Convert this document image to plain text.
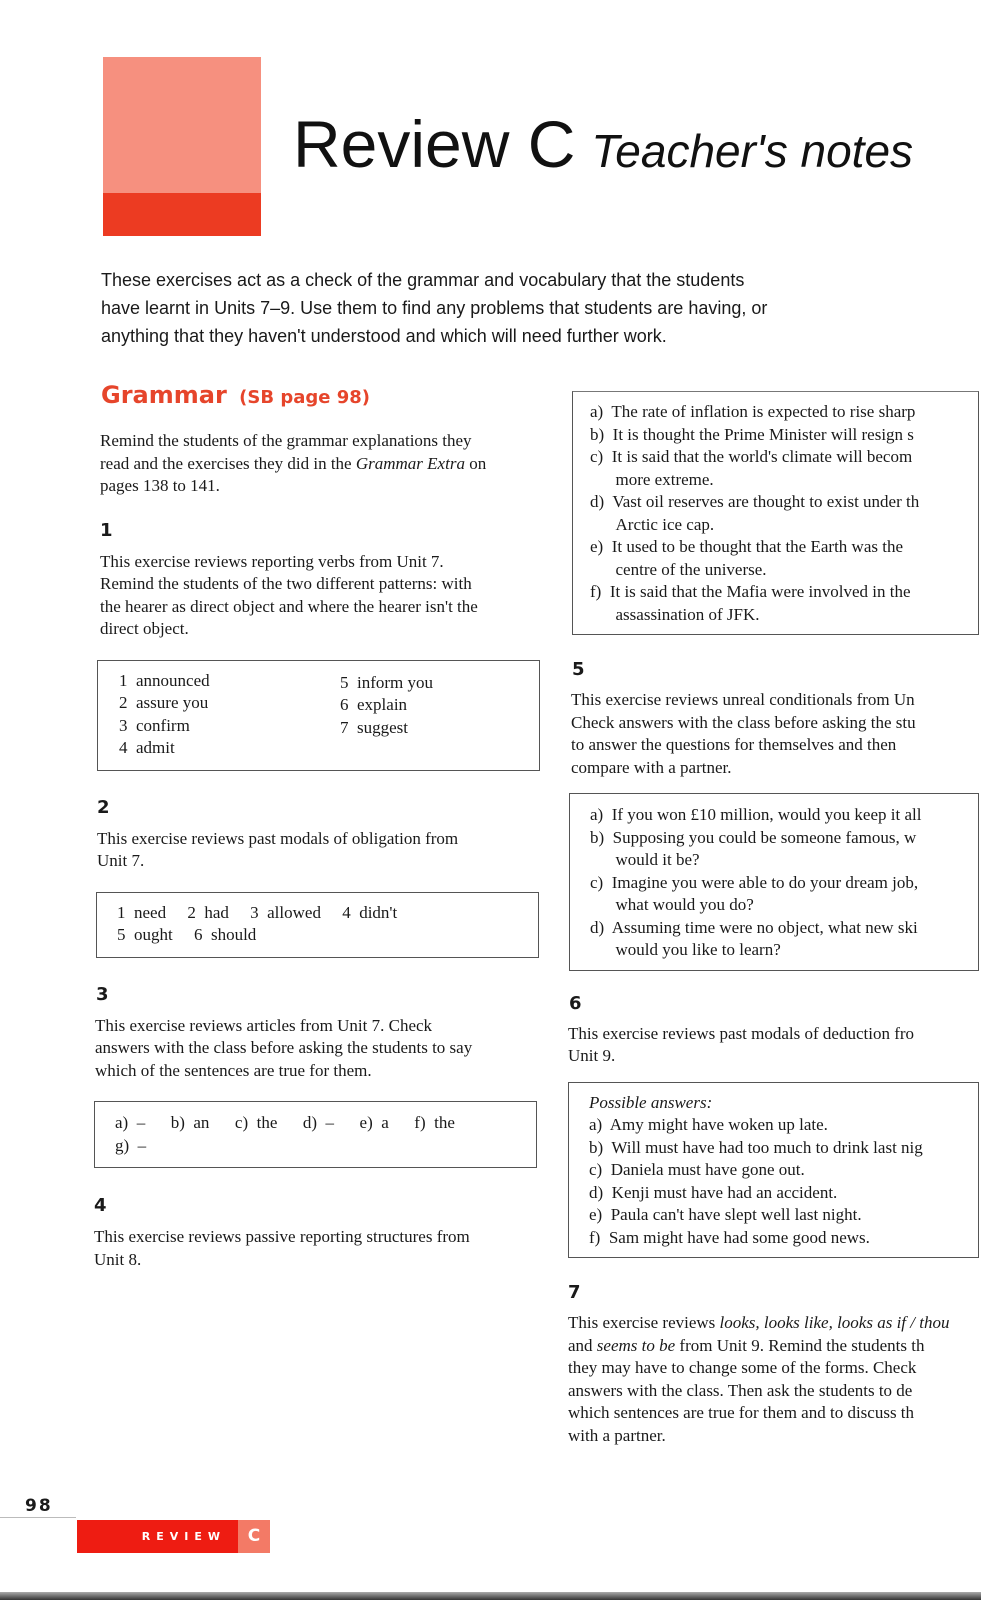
Review C Teacher's notes
These exercises act as a check of the grammar and vocabulary that the students
have learnt in Units 7–9. Use them to find any problems that students are having, or
anything that they haven't understood and which will need further work.
Grammar (SB page 98)
Remind the students of the grammar explanations they
read and the exercises they did in the Grammar Extra on
pages 138 to 141.
1
This exercise reviews reporting verbs from Unit 7.
Remind the students of the two different patterns: with
the hearer as direct object and where the hearer isn't the
direct object.
1  announced
2  assure you
3  confirm
4  admit
5  inform you
6  explain
7  suggest
2
This exercise reviews past modals of obligation from
Unit 7.
1  need     2  had     3  allowed     4  didn't
5  ought     6  should
3
This exercise reviews articles from Unit 7. Check
answers with the class before asking the students to say
which of the sentences are true for them.
a)  –      b)  an      c)  the      d)  –      e)  a      f)  the
g)  –
4
This exercise reviews passive reporting structures from
Unit 8.
a)  The rate of inflation is expected to rise sharp
b)  It is thought the Prime Minister will resign s
c)  It is said that the world's climate will becom
more extreme.
d)  Vast oil reserves are thought to exist under th
Arctic ice cap.
e)  It used to be thought that the Earth was the
centre of the universe.
f)  It is said that the Mafia were involved in the
assassination of JFK.
5
This exercise reviews unreal conditionals from Un
Check answers with the class before asking the stu
to answer the questions for themselves and then
compare with a partner.
a)  If you won £10 million, would you keep it all
b)  Supposing you could be someone famous, w
would it be?
c)  Imagine you were able to do your dream job,
what would you do?
d)  Assuming time were no object, what new ski
would you like to learn?
6
This exercise reviews past modals of deduction fro
Unit 9.
Possible answers:
a)  Amy might have woken up late.
b)  Will must have had too much to drink last nig
c)  Daniela must have gone out.
d)  Kenji must have had an accident.
e)  Paula can't have slept well last night.
f)  Sam might have had some good news.
7
This exercise reviews looks, looks like, looks as if / thou
and seems to be from Unit 9. Remind the students th
they may have to change some of the forms. Check
answers with the class. Then ask the students to de
which sentences are true for them and to discuss th
with a partner.
98
REVIEW	C
